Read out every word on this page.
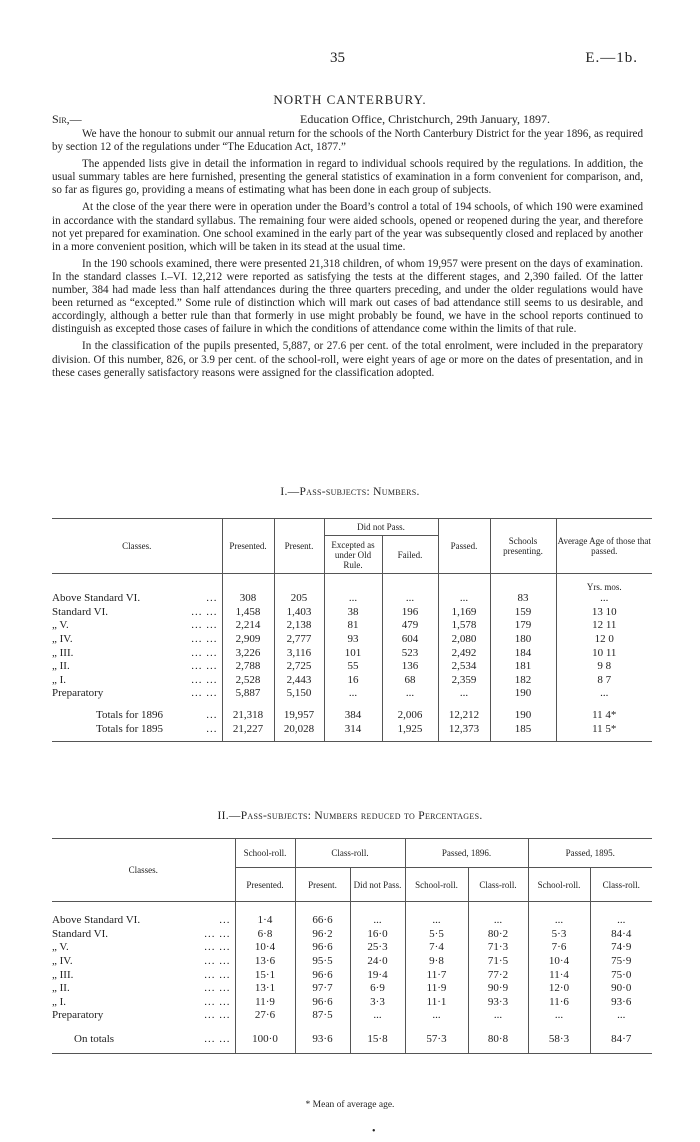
35	E.—1b.
NORTH CANTERBURY.
Sir,—	Education Office, Christchurch, 29th January, 1897.

We have the honour to submit our annual return for the schools of the North Canterbury District for the year 1896, as required by section 12 of the regulations under “The Education Act, 1877.”

The appended lists give in detail the information in regard to individual schools required by the regulations. In addition, the usual summary tables are here furnished, presenting the general statistics of examination in a form convenient for comparison, and, so far as figures go, providing a means of estimating what has been done in each group of subjects.

At the close of the year there were in operation under the Board’s control a total of 194 schools, of which 190 were examined in accordance with the standard syllabus. The remaining four were aided schools, opened or reopened during the year, and therefore not yet prepared for examination. One school examined in the early part of the year was subsequently closed and replaced by another in a more convenient position, which will be taken in its stead at the usual time.

In the 190 schools examined, there were presented 21,318 children, of whom 19,957 were present on the days of examination. In the standard classes I.–VI. 12,212 were reported as satisfying the tests at the different stages, and 2,390 failed. Of the latter number, 384 had made less than half attendances during the three quarters preceding, and under the older regulations would have been returned as “excepted.” Some rule of distinction which will mark out cases of bad attendance still seems to us desirable, and accordingly, although a better rule than that formerly in use might probably be found, we have in the school reports continued to distinguish as excepted those cases of failure in which the conditions of attendance come within the limits of that rule.

In the classification of the pupils presented, 5,887, or 27.6 per cent. of the total enrolment, were included in the preparatory division. Of this number, 826, or 3.9 per cent. of the school-roll, were eight years of age or more on the dates of presentation, and in these cases generally satisfactory reasons were assigned for the classification adopted.

I.—Pass-subjects: Numbers.
Classes.	Presented.	Present.	Did not Pass.		Passed.	Schools presenting.	Average Age of those that passed.
			Excepted as under Old Rule.	Failed.			
							Yrs. mos.

...
Above Standard VI.	308	205	...	...	...	83	...

... ...
Standard VI.	1,458	1,403	38	196	1,169	159	13 10

... ...
„ V.	2,214	2,138	81	479	1,578	179	12 11

... ...
„ IV.	2,909	2,777	93	604	2,080	180	12 0

... ...
„ III.	3,226	3,116	101	523	2,492	184	10 11

... ...
„ II.	2,788	2,725	55	136	2,534	181	9 8

... ...
„ I.	2,528	2,443	16	68	2,359	182	8 7

... ...
Preparatory	5,887	5,150	...	...	...	190	...

...
Totals for 1896	21,318	19,957	384	2,006	12,212	190	11 4*

...
Totals for 1895	21,227	20,028	314	1,925	12,373	185	11 5*

II.—Pass-subjects: Numbers reduced to Percentages.
Classes.	School-roll.	Class-roll.		Passed, 1896.		Passed, 1895.	
	Presented.	Present.	Did not Pass.	School-roll.	Class-roll.	School-roll.	Class-roll.

...
Above Standard VI.	1·4	66·6	...	...	...	...	...

... ...
Standard VI.	6·8	96·2	16·0	5·5	80·2	5·3	84·4

... ...
„ V.	10·4	96·6	25·3	7·4	71·3	7·6	74·9

... ...
„ IV.	13·6	95·5	24·0	9·8	71·5	10·4	75·9

... ...
„ III.	15·1	96·6	19·4	11·7	77·2	11·4	75·0

... ...
„ II.	13·1	97·7	6·9	11·9	90·9	12·0	90·0

... ...
„ I.	11·9	96·6	3·3	11·1	93·3	11·6	93·6

... ...
Preparatory	27·6	87·5	...	...	...	...	...

... ...
On totals	100·0	93·6	15·8	57·3	80·8	58·3	84·7

* Mean of average age.
•
